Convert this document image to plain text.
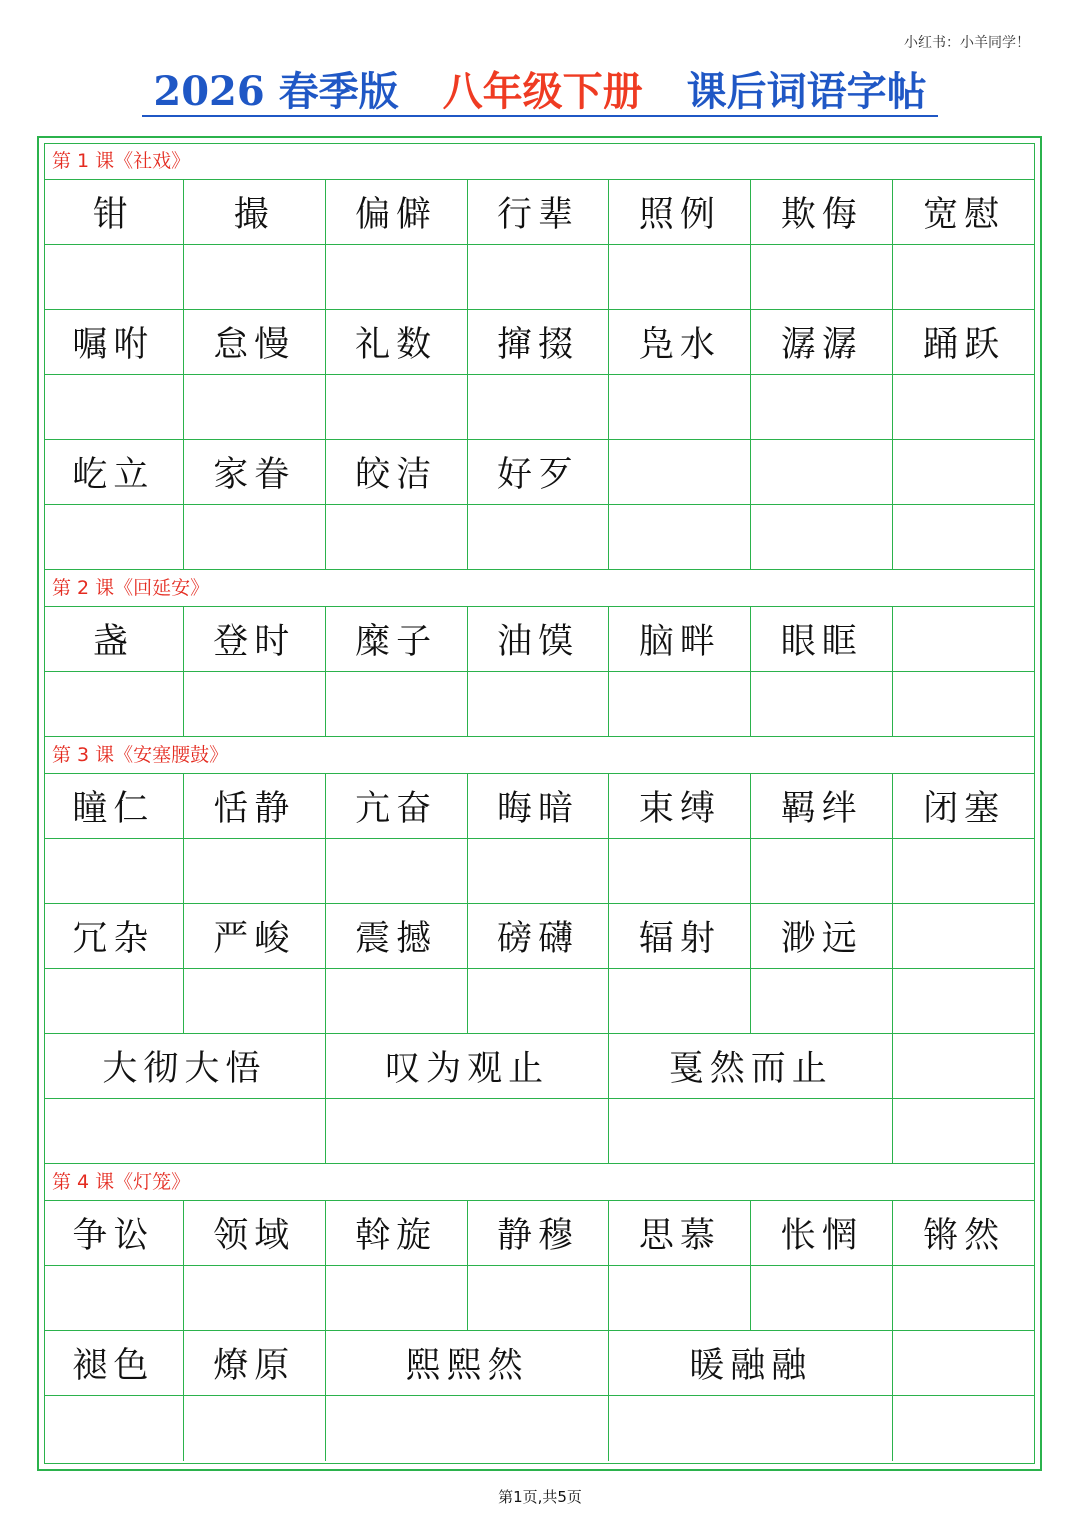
小红书：小羊同学！
2026 春季版 八年级下册 课后词语字帖
第 1 课《社戏》
钳	撮	偏僻	行辈	照例	欺侮	宽慰
嘱咐	怠慢	礼数	撺掇	凫水	潺潺	踊跃
屹立	家眷	皎洁	好歹
第 2 课《回延安》
盏	登时	糜子	油馍	脑畔	眼眶
第 3 课《安塞腰鼓》
瞳仁	恬静	亢奋	晦暗	束缚	羁绊	闭塞
冗杂	严峻	震撼	磅礴	辐射	渺远
大彻大悟	叹为观止	戛然而止
第 4 课《灯笼》
争讼	领域	斡旋	静穆	思慕	怅惘	锵然
褪色	燎原	熙熙然	暖融融
第1页,共5页
